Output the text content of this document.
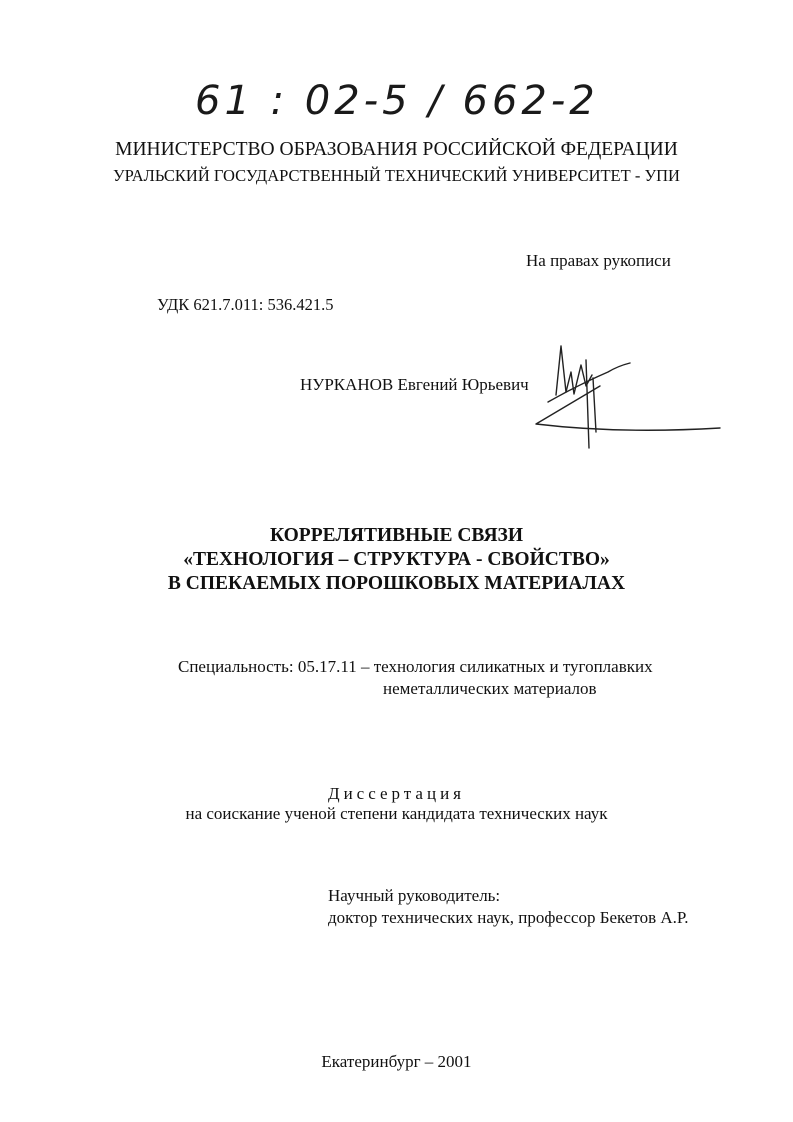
61 : 02-5 / 662-2
МИНИСТЕРСТВО ОБРАЗОВАНИЯ РОССИЙСКОЙ ФЕДЕРАЦИИ
УРАЛЬСКИЙ ГОСУДАРСТВЕННЫЙ ТЕХНИЧЕСКИЙ УНИВЕРСИТЕТ - УПИ
На правах рукописи
УДК 621.7.011: 536.421.5
НУРКАНОВ Евгений Юрьевич
КОРРЕЛЯТИВНЫЕ СВЯЗИ
«ТЕХНОЛОГИЯ – СТРУКТУРА - СВОЙСТВО»
В СПЕКАЕМЫХ ПОРОШКОВЫХ МАТЕРИАЛАХ
Специальность: 05.17.11 – технология силикатных и тугоплавких
неметаллических материалов
Диссертация
на соискание ученой степени кандидата технических наук
Научный руководитель:
доктор технических наук, профессор Бекетов А.Р.
Екатеринбург – 2001
